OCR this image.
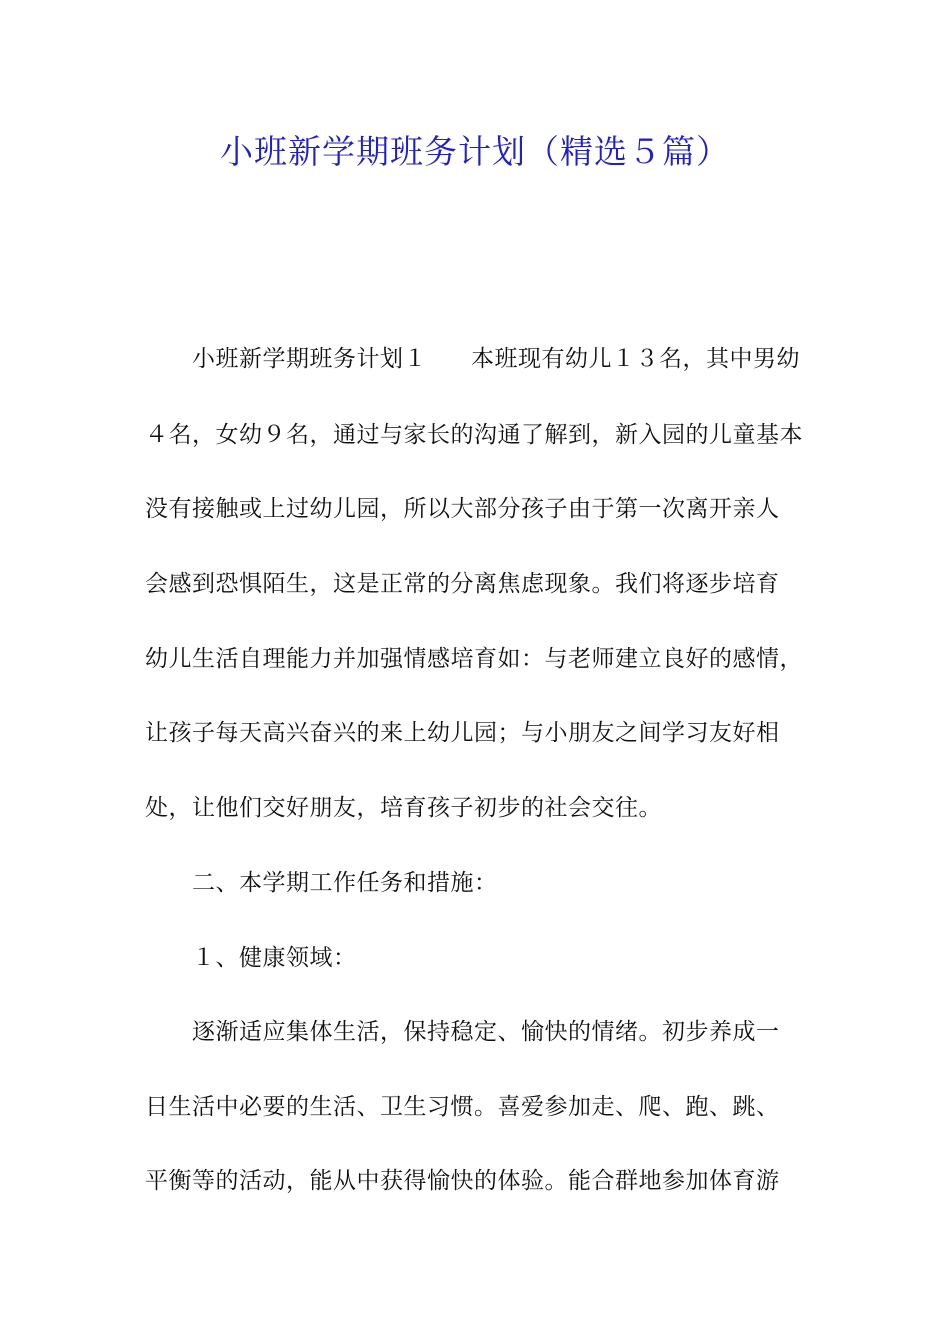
小班新学期班务计划（精选５篇）
小班新学期班务计划１ 本班现有幼儿１３名，其中男幼
４名，女幼９名，通过与家长的沟通了解到，新入园的儿童基本
没有接触或上过幼儿园，所以大部分孩子由于第一次离开亲人
会感到恐惧陌生，这是正常的分离焦虑现象。我们将逐步培育
幼儿生活自理能力并加强情感培育如：与老师建立良好的感情，
让孩子每天高兴奋兴的来上幼儿园；与小朋友之间学习友好相
处，让他们交好朋友，培育孩子初步的社会交往。
二、本学期工作任务和措施：
１、健康领域：
逐渐适应集体生活，保持稳定、愉快的情绪。初步养成一
日生活中必要的生活、卫生习惯。喜爱参加走、爬、跑、跳、
平衡等的活动，能从中获得愉快的体验。能合群地参加体育游
